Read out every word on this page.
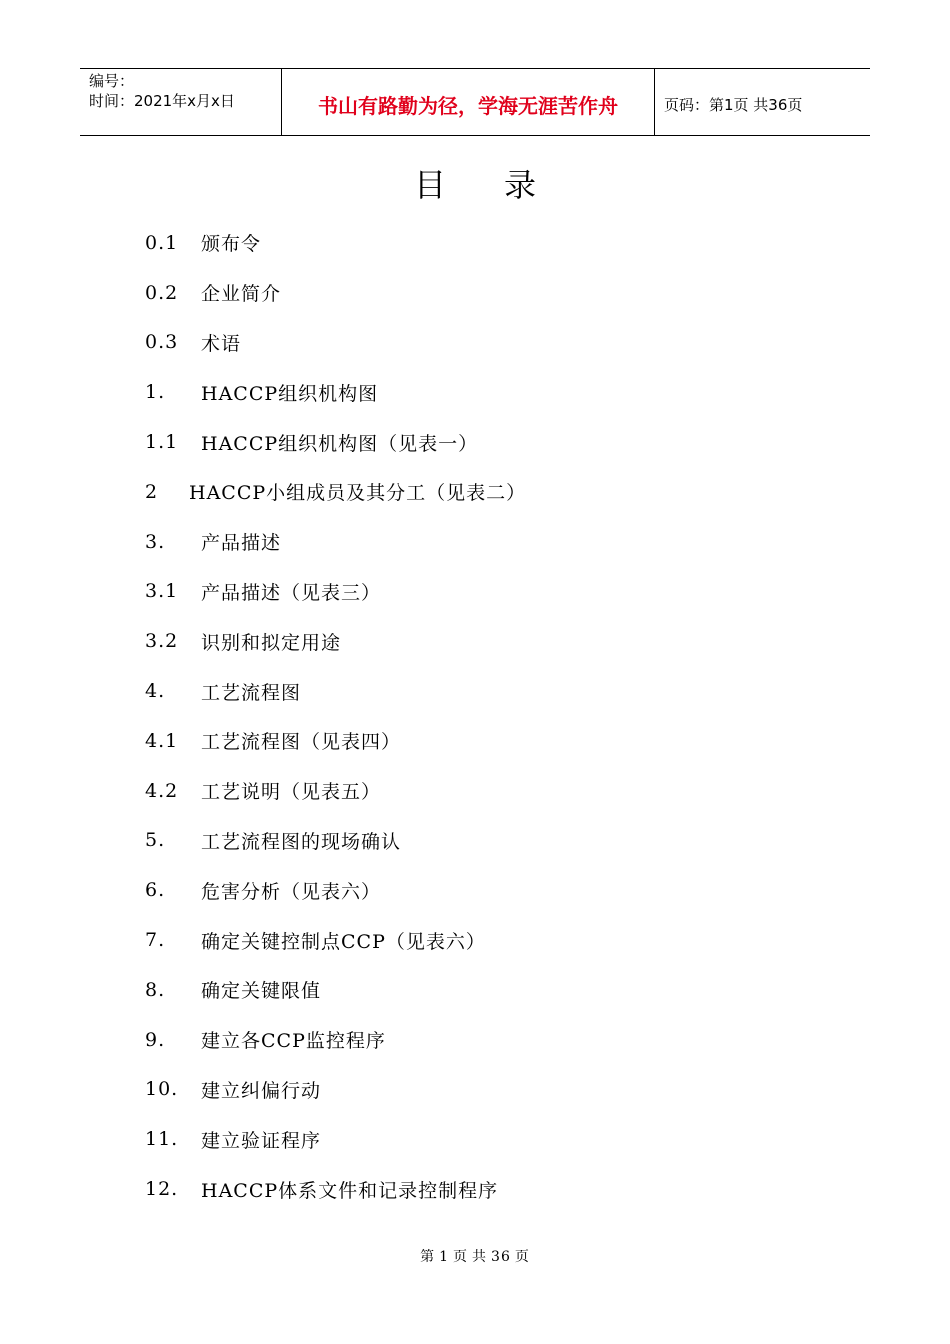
编号：
时间：2021年x月x日	书山有路勤为径，学海无涯苦作舟	页码：第1页 共36页
目录
0.1	颁布令
0.2	企业简介
0.3	术语
1.	HACCP组织机构图
1.1	HACCP组织机构图（见表一）
2	HACCP小组成员及其分工（见表二）
3.	产品描述
3.1	产品描述（见表三）
3.2	识别和拟定用途
4.	工艺流程图
4.1	工艺流程图（见表四）
4.2	工艺说明（见表五）
5.	工艺流程图的现场确认
6.	危害分析（见表六）
7.	确定关键控制点CCP（见表六）
8.	确定关键限值
9.	建立各CCP监控程序
10.	建立纠偏行动
11.	建立验证程序
12.	HACCP体系文件和记录控制程序
第 1 页 共 36 页
